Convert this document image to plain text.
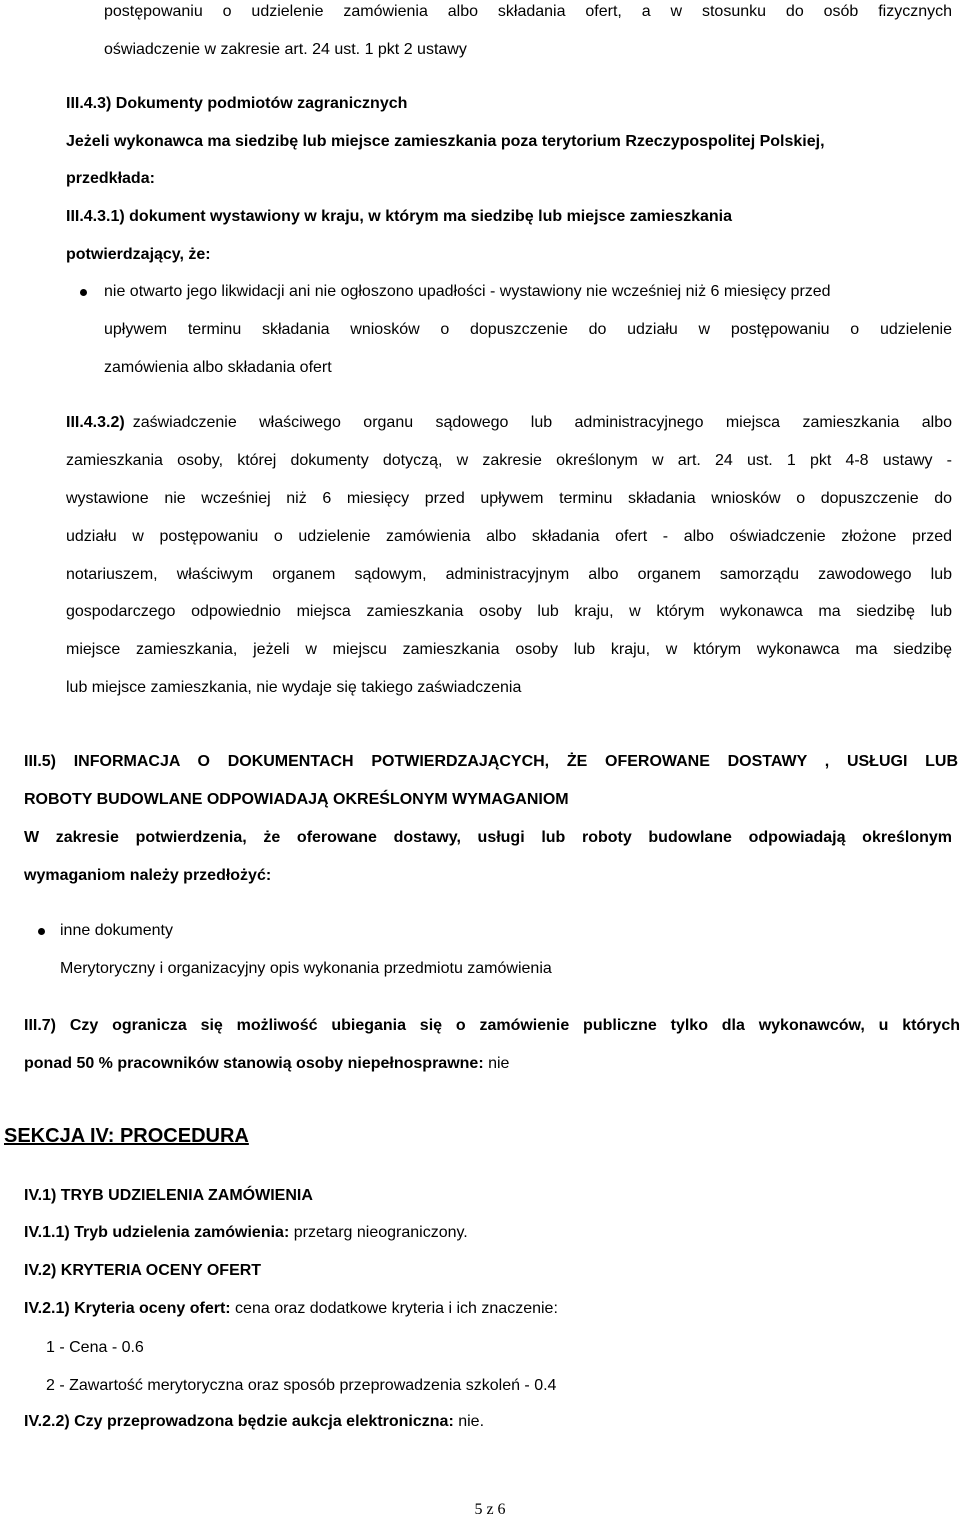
postępowaniu o udzielenie zamówienia albo składania ofert, a w stosunku do osób fizycznych
oświadczenie w zakresie art. 24 ust. 1 pkt 2 ustawy
III.4.3) Dokumenty podmiotów zagranicznych
Jeżeli wykonawca ma siedzibę lub miejsce zamieszkania poza terytorium Rzeczypospolitej Polskiej,
przedkłada:
III.4.3.1) dokument wystawiony w kraju, w którym ma siedzibę lub miejsce zamieszkania
potwierdzający, że:
nie otwarto jego likwidacji ani nie ogłoszono upadłości - wystawiony nie wcześniej niż 6 miesięcy przed
upływem terminu składania wniosków o dopuszczenie do udziału w postępowaniu o udzielenie
zamówienia albo składania ofert
III.4.3.2) zaświadczenie właściwego organu sądowego lub administracyjnego miejsca zamieszkania albo
zamieszkania osoby, której dokumenty dotyczą, w zakresie określonym w art. 24 ust. 1 pkt 4-8 ustawy -
wystawione nie wcześniej niż 6 miesięcy przed upływem terminu składania wniosków o dopuszczenie do
udziału w postępowaniu o udzielenie zamówienia albo składania ofert - albo oświadczenie złożone przed
notariuszem, właściwym organem sądowym, administracyjnym albo organem samorządu zawodowego lub
gospodarczego odpowiednio miejsca zamieszkania osoby lub kraju, w którym wykonawca ma siedzibę lub
miejsce zamieszkania, jeżeli w miejscu zamieszkania osoby lub kraju, w którym wykonawca ma siedzibę
lub miejsce zamieszkania, nie wydaje się takiego zaświadczenia
III.5) INFORMACJA O DOKUMENTACH POTWIERDZAJĄCYCH, ŻE OFEROWANE DOSTAWY , USŁUGI LUB
ROBOTY BUDOWLANE ODPOWIADAJĄ OKREŚLONYM WYMAGANIOM
W zakresie potwierdzenia, że oferowane dostawy, usługi lub roboty budowlane odpowiadają określonym
wymaganiom należy przedłożyć:
inne dokumenty
Merytoryczny i organizacyjny opis wykonania przedmiotu zamówienia
III.7) Czy ogranicza się możliwość ubiegania się o zamówienie publiczne tylko dla wykonawców, u których
ponad 50 % pracowników stanowią osoby niepełnosprawne: nie
SEKCJA IV: PROCEDURA
IV.1) TRYB UDZIELENIA ZAMÓWIENIA
IV.1.1) Tryb udzielenia zamówienia: przetarg nieograniczony.
IV.2) KRYTERIA OCENY OFERT
IV.2.1) Kryteria oceny ofert: cena oraz dodatkowe kryteria i ich znaczenie:
1 - Cena - 0.6
2 - Zawartość merytoryczna oraz sposób przeprowadzenia szkoleń - 0.4
IV.2.2) Czy przeprowadzona będzie aukcja elektroniczna: nie.
5 z 6
